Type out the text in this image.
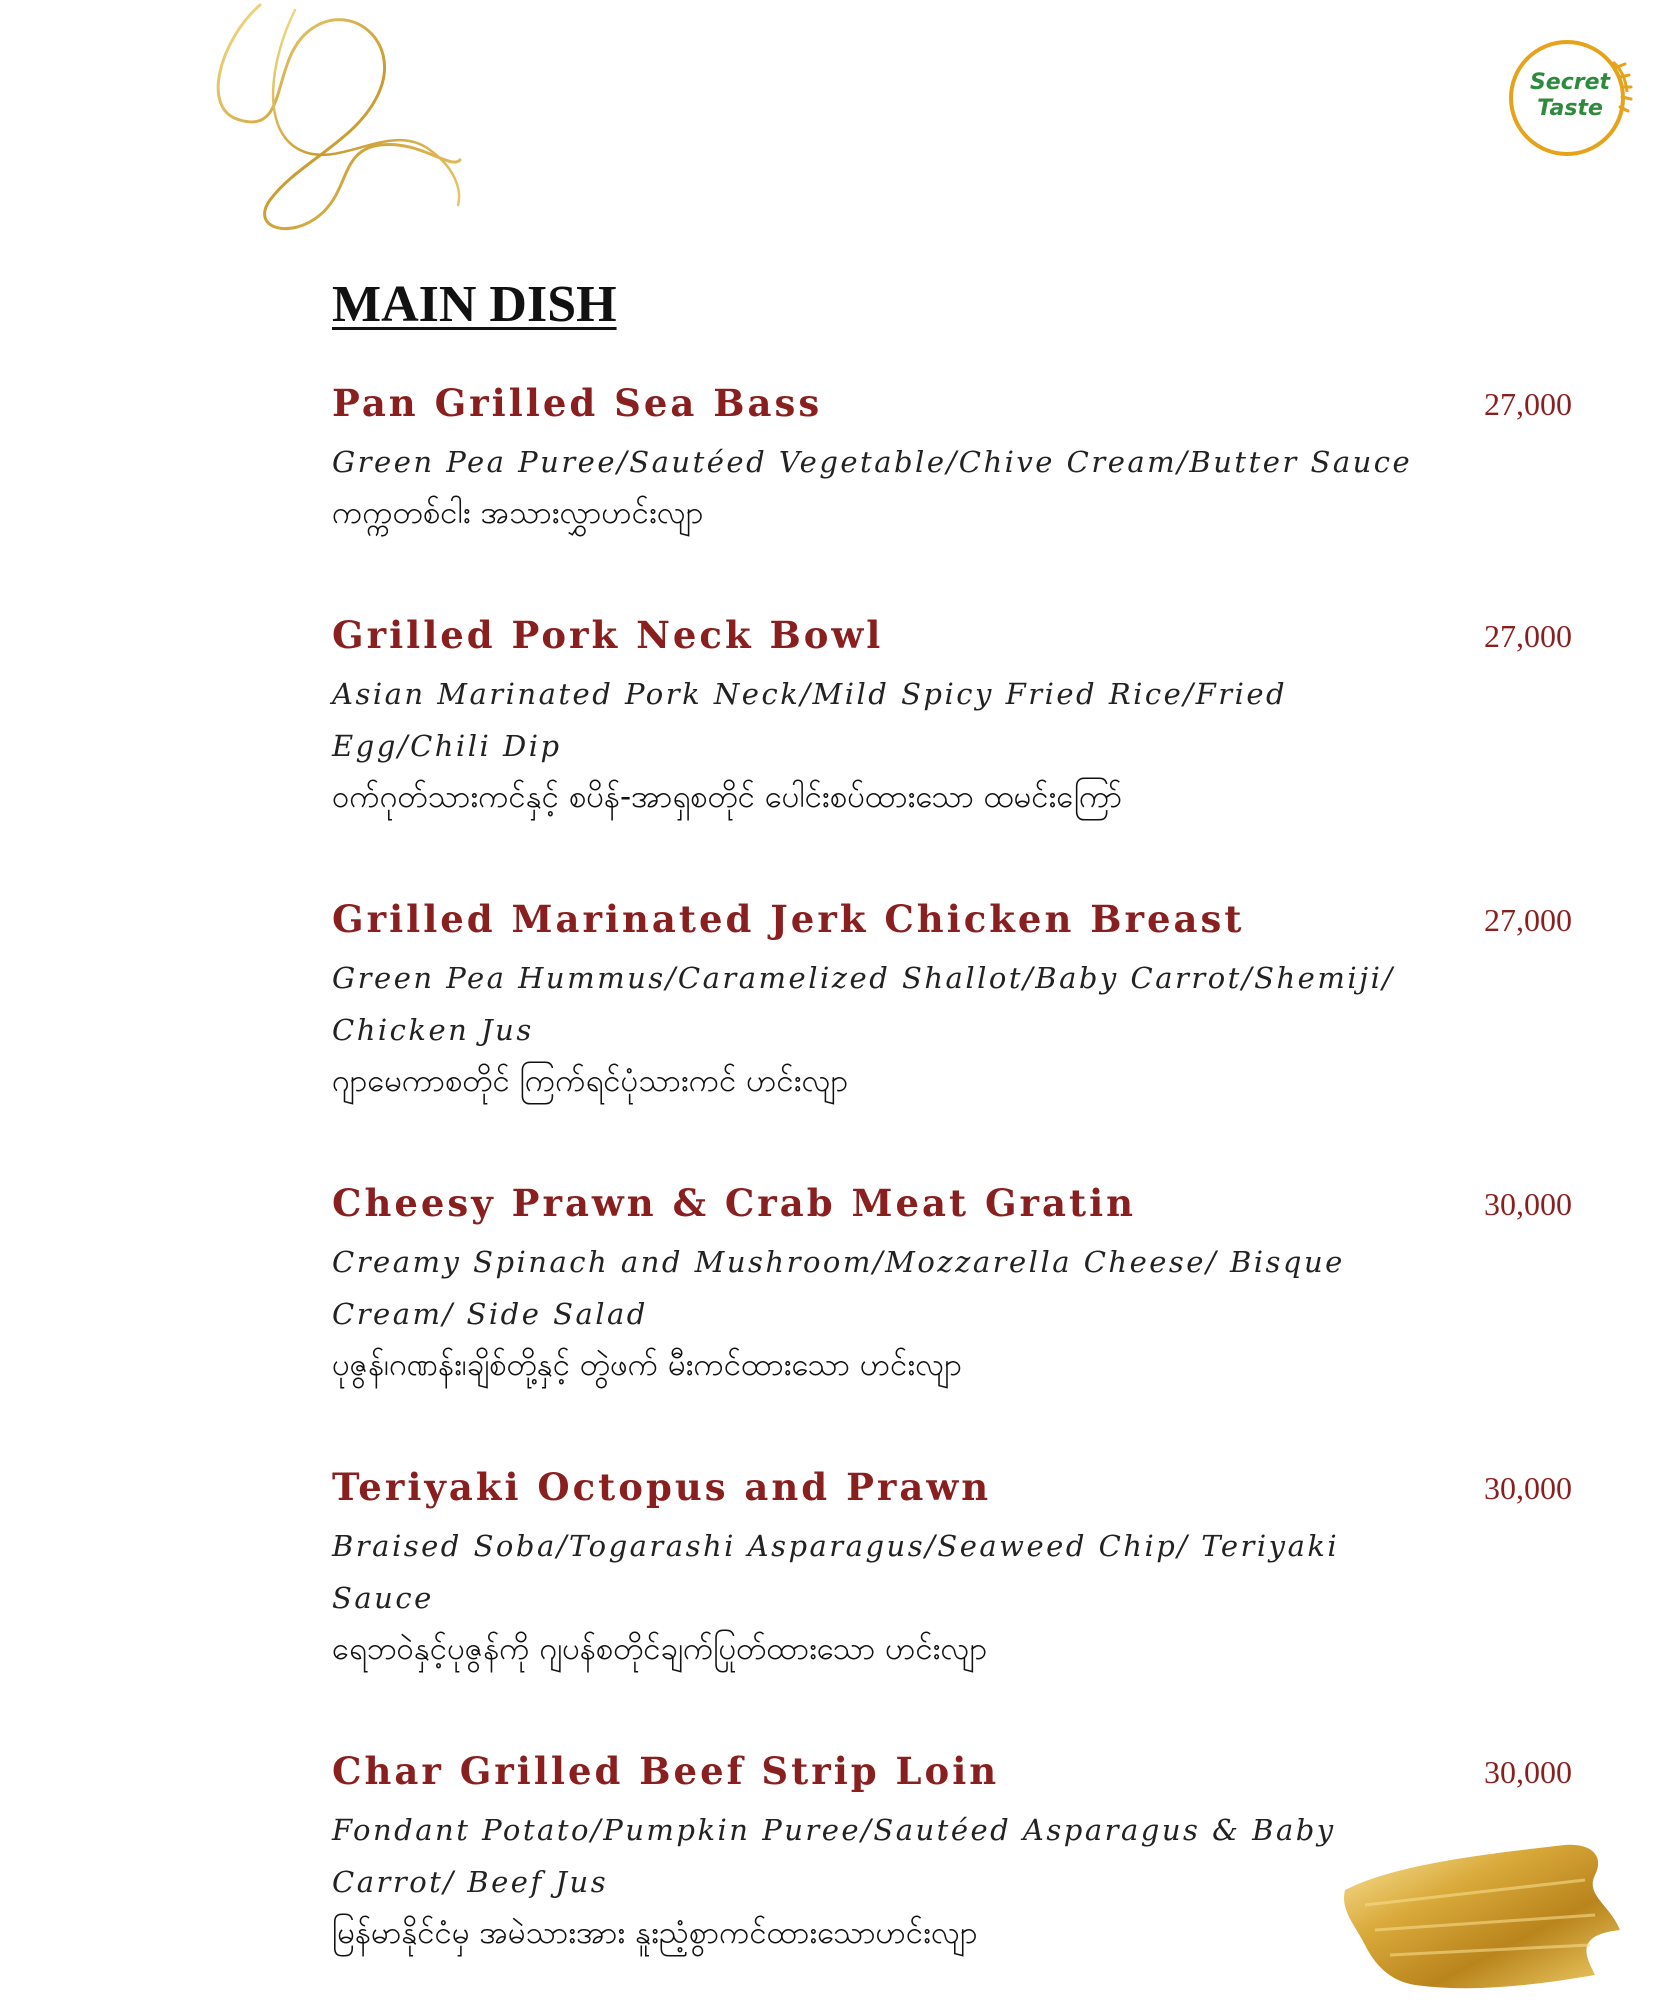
Secret
Taste
MAIN DISH
Pan Grilled Sea Bass	27,000

Green Pea Puree/Sautéed Vegetable/Chive Cream/Butter Sauce

ကက္ကတစ်ငါး အသားလွှာဟင်းလျာ

Grilled Pork Neck Bowl	27,000

Asian Marinated Pork Neck/Mild Spicy Fried Rice/Fried Egg/Chili Dip

ဝက်ဂုတ်သားကင်နှင့် စပိန်-အာရှစတိုင် ပေါင်းစပ်ထားသော ထမင်းကြော်

Grilled Marinated Jerk Chicken Breast	27,000

Green Pea Hummus/Caramelized Shallot/Baby Carrot/Shemiji/ Chicken Jus

ဂျာမေကာစတိုင် ကြက်ရင်ပုံသားကင် ဟင်းလျာ

Cheesy Prawn & Crab Meat Gratin	30,000

Creamy Spinach and Mushroom/Mozzarella Cheese/ Bisque Cream/ Side Salad

ပုဇွန်၊ဂဏန်း၊ချိစ်တို့နှင့် တွဲဖက် မီးကင်ထားသော ဟင်းလျာ

Teriyaki Octopus and Prawn	30,000

Braised Soba/Togarashi Asparagus/Seaweed Chip/ Teriyaki Sauce

ရေဘဝဲနှင့်ပုဇွန်ကို ဂျပန်စတိုင်ချက်ပြုတ်ထားသော ဟင်းလျာ

Char Grilled Beef Strip Loin	30,000

Fondant Potato/Pumpkin Puree/Sautéed Asparagus & Baby Carrot/ Beef Jus

မြန်မာနိုင်ငံမှ အမဲသားအား နူးညံ့စွာကင်ထားသောဟင်းလျာ
